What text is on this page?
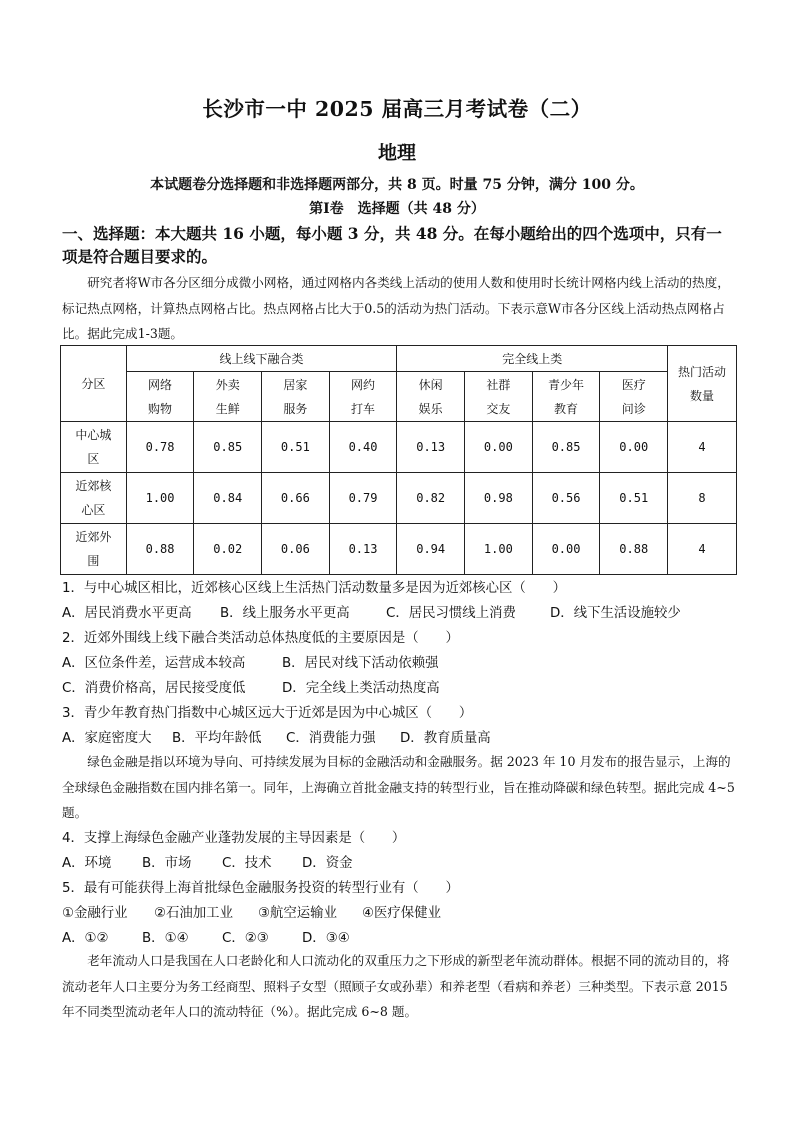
长沙市一中 2025 届高三月考试卷（二）
地理
本试题卷分选择题和非选择题两部分，共 8 页。时量 75 分钟，满分 100 分。
第Ⅰ卷　选择题（共 48 分）
一、选择题：本大题共 16 小题，每小题 3 分，共 48 分。在每小题给出的四个选项中，只有一
项是符合题目要求的。
研究者将W市各分区细分成微小网格，通过网格内各类线上活动的使用人数和使用时长统计网格内线上活动的热度，标记热点网格，计算热点网格占比。热点网格占比大于0.5的活动为热门活动。下表示意W市各分区线上活动热点网格占比。据此完成1-3题。
分区	线上线下融合类				完全线上类				热门活动数量
	网络购物	外卖生鲜	居家服务	网约打车	休闲娱乐	社群交友	青少年教育	医疗问诊	
中心城区	0.78	0.85	0.51	0.40	0.13	0.00	0.85	0.00	4
近郊核心区	1.00	0.84	0.66	0.79	0.82	0.98	0.56	0.51	8
近郊外围	0.88	0.02	0.06	0.13	0.94	1.00	0.00	0.88	4
1．与中心城区相比，近郊核心区线上生活热门活动数量多是因为近郊核心区（　　）
A．居民消费水平更高 B．线上服务水平更高	C．居民习惯线上消费	D．线下生活设施较少
2．近郊外围线上线下融合类活动总体热度低的主要原因是（　　）
A．区位条件差，运营成本较高	B．居民对线下活动依赖强
C．消费价格高，居民接受度低	D．完全线上类活动热度高
3．青少年教育热门指数中心城区远大于近郊是因为中心城区（　　）
A．家庭密度大 B．平均年龄低 C．消费能力强 D．教育质量高
绿色金融是指以环境为导向、可持续发展为目标的金融活动和金融服务。据 2023 年 10 月发布的报告显示，上海的全球绿色金融指数在国内排名第一。同年，上海确立首批金融支持的转型行业，旨在推动降碳和绿色转型。据此完成 4~5 题。
4．支撑上海绿色金融产业蓬勃发展的主导因素是（　　）
A．环境 B．市场 C．技术 D．资金
5．最有可能获得上海首批绿色金融服务投资的转型行业有（　　）
①金融行业 ②石油加工业 ③航空运输业 ④医疗保健业
A．①② B．①④ C．②③ D．③④
老年流动人口是我国在人口老龄化和人口流动化的双重压力之下形成的新型老年流动群体。根据不同的流动目的，将流动老年人口主要分为务工经商型、照料子女型（照顾子女或孙辈）和养老型（看病和养老）三种类型。下表示意 2015 年不同类型流动老年人口的流动特征（%）。据此完成 6~8 题。
